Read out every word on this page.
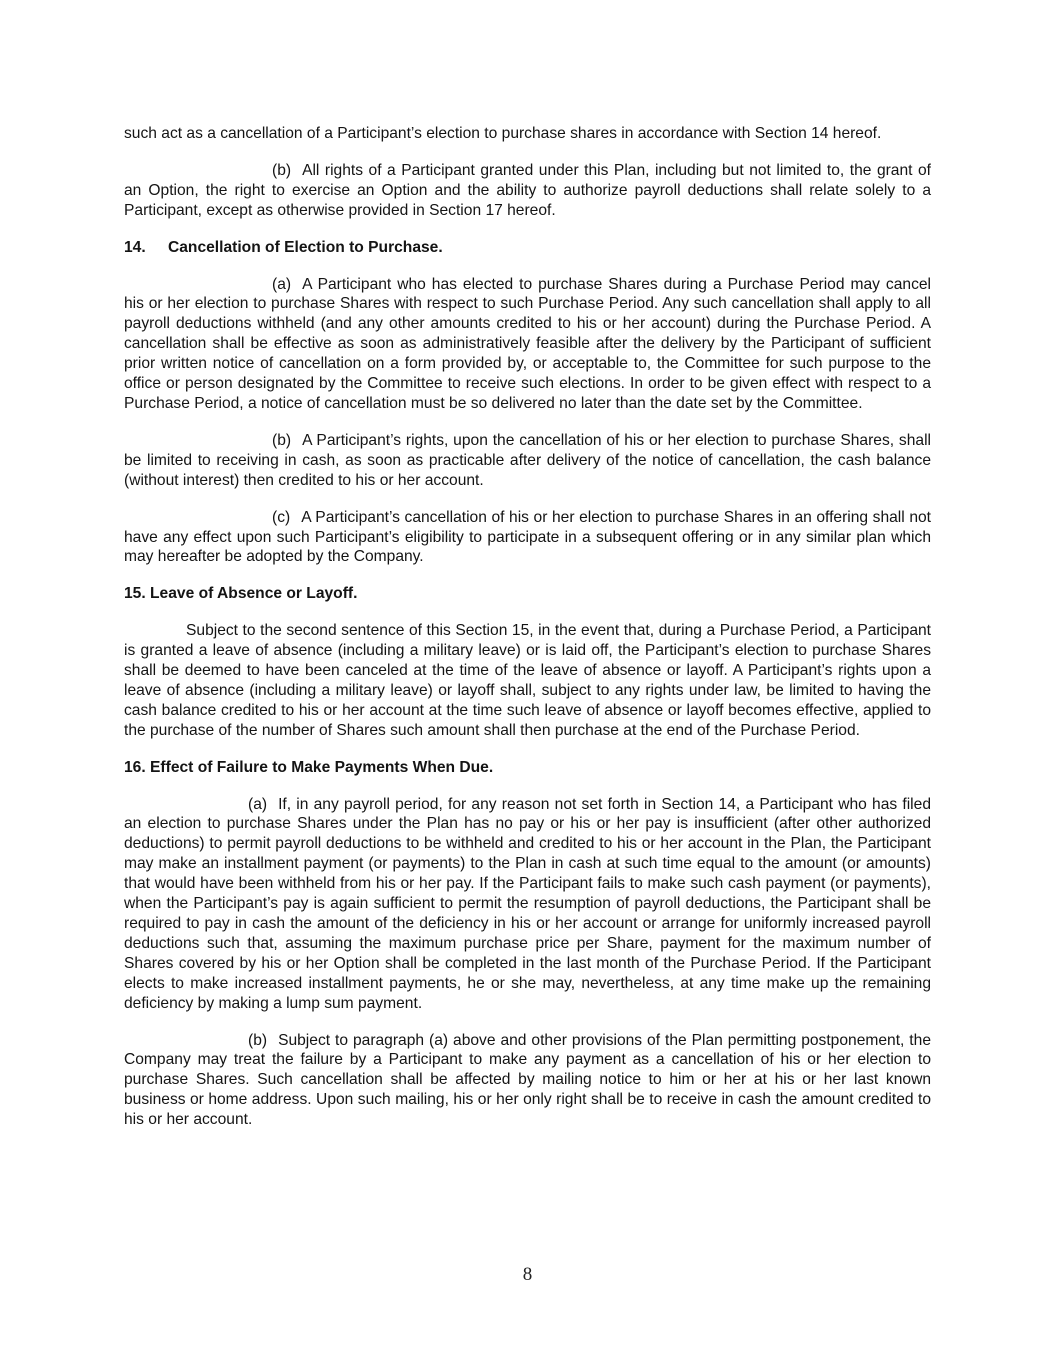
such act as a cancellation of a Participant’s election to purchase shares in accordance with Section 14 hereof.

(b) All rights of a Participant granted under this Plan, including but not limited to, the grant of an Option, the right to exercise an Option and the ability to authorize payroll deductions shall relate solely to a Participant, except as otherwise provided in Section 17 hereof.

14. Cancellation of Election to Purchase.

(a) A Participant who has elected to purchase Shares during a Purchase Period may cancel his or her election to purchase Shares with respect to such Purchase Period. Any such cancellation shall apply to all payroll deductions withheld (and any other amounts credited to his or her account) during the Purchase Period. A cancellation shall be effective as soon as administratively feasible after the delivery by the Participant of sufficient prior written notice of cancellation on a form provided by, or acceptable to, the Committee for such purpose to the office or person designated by the Committee to receive such elections. In order to be given effect with respect to a Purchase Period, a notice of cancellation must be so delivered no later than the date set by the Committee.

(b) A Participant’s rights, upon the cancellation of his or her election to purchase Shares, shall be limited to receiving in cash, as soon as practicable after delivery of the notice of cancellation, the cash balance (without interest) then credited to his or her account.

(c) A Participant’s cancellation of his or her election to purchase Shares in an offering shall not have any effect upon such Participant’s eligibility to participate in a subsequent offering or in any similar plan which may hereafter be adopted by the Company.

15. Leave of Absence or Layoff.

Subject to the second sentence of this Section 15, in the event that, during a Purchase Period, a Participant is granted a leave of absence (including a military leave) or is laid off, the Participant’s election to purchase Shares shall be deemed to have been canceled at the time of the leave of absence or layoff. A Participant’s rights upon a leave of absence (including a military leave) or layoff shall, subject to any rights under law, be limited to having the cash balance credited to his or her account at the time such leave of absence or layoff becomes effective, applied to the purchase of the number of Shares such amount shall then purchase at the end of the Purchase Period.

16. Effect of Failure to Make Payments When Due.

(a) If, in any payroll period, for any reason not set forth in Section 14, a Participant who has filed an election to purchase Shares under the Plan has no pay or his or her pay is insufficient (after other authorized deductions) to permit payroll deductions to be withheld and credited to his or her account in the Plan, the Participant may make an installment payment (or payments) to the Plan in cash at such time equal to the amount (or amounts) that would have been withheld from his or her pay. If the Participant fails to make such cash payment (or payments), when the Participant’s pay is again sufficient to permit the resumption of payroll deductions, the Participant shall be required to pay in cash the amount of the deficiency in his or her account or arrange for uniformly increased payroll deductions such that, assuming the maximum purchase price per Share, payment for the maximum number of Shares covered by his or her Option shall be completed in the last month of the Purchase Period. If the Participant elects to make increased installment payments, he or she may, nevertheless, at any time make up the remaining deficiency by making a lump sum payment.

(b) Subject to paragraph (a) above and other provisions of the Plan permitting postponement, the Company may treat the failure by a Participant to make any payment as a cancellation of his or her election to purchase Shares. Such cancellation shall be affected by mailing notice to him or her at his or her last known business or home address. Upon such mailing, his or her only right shall be to receive in cash the amount credited to his or her account.

8
